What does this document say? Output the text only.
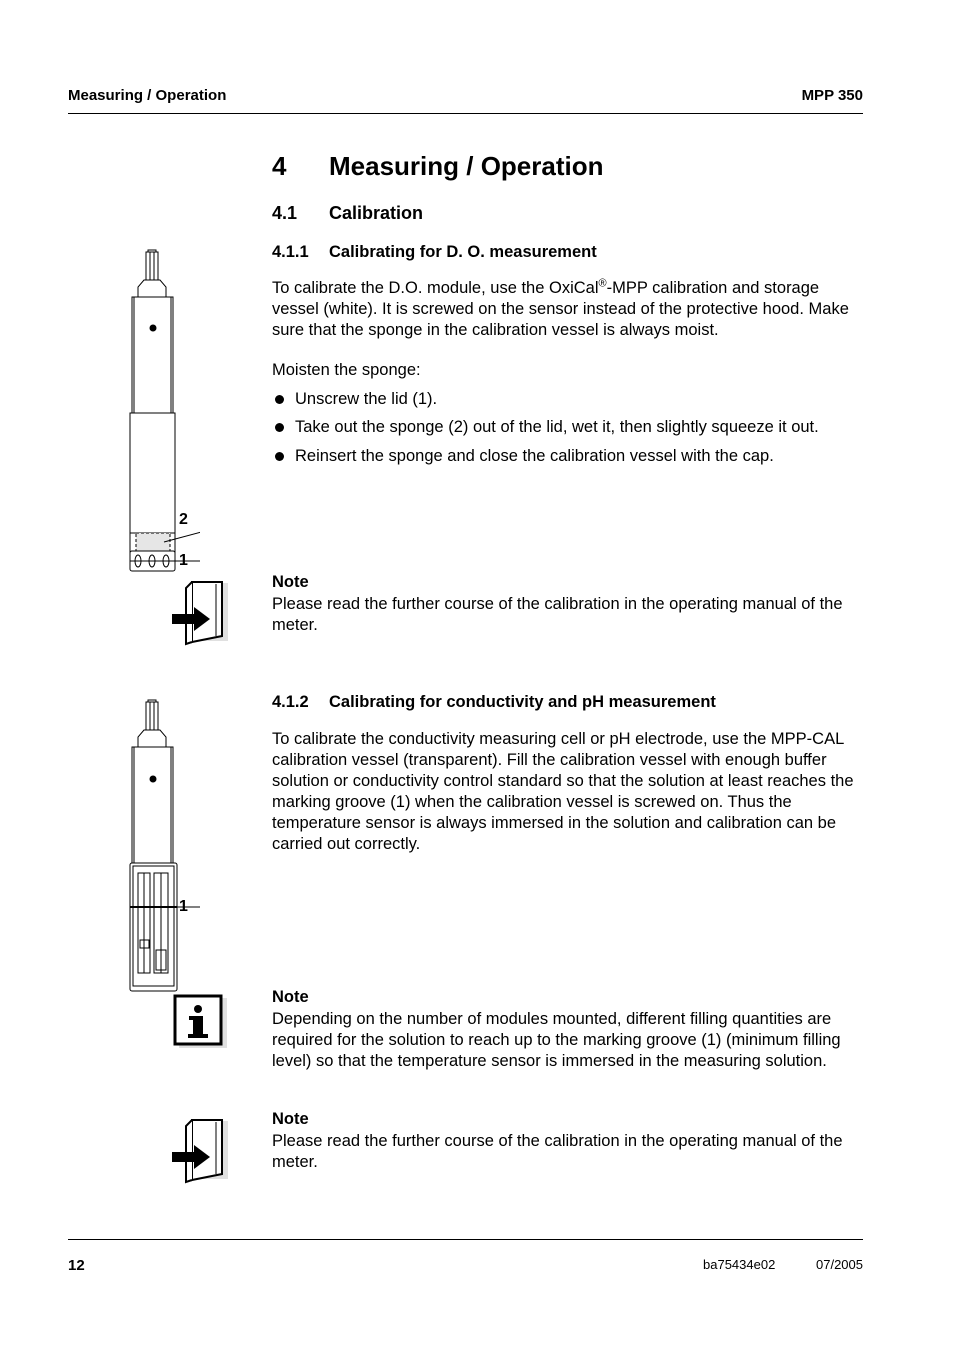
Measuring / Operation	MPP 350
4 Measuring / Operation
4.1 Calibration
4.1.1 Calibrating for D. O. measurement
To calibrate the D.O. module, use the OxiCal®-MPP calibration and storage vessel (white). It is screwed on the sensor instead of the protective hood. Make sure that the sponge in the calibration vessel is always moist.
Moisten the sponge:
Unscrew the lid (1).
Take out the sponge (2) out of the lid, wet it, then slightly squeeze it out.
Reinsert the sponge and close the calibration vessel with the cap.
2
1
Note
Please read the further course of the calibration in the operating manual of the meter.
4.1.2 Calibrating for conductivity and pH measurement
To calibrate the conductivity measuring cell or pH electrode, use the MPP-CAL calibration vessel (transparent). Fill the calibration vessel with enough buffer solution or conductivity control standard so that the solution at least reaches the marking groove (1) when the calibration vessel is screwed on. Thus the temperature sensor is always immersed in the solution and calibration can be carried out correctly.
1
Note
Depending on the number of modules mounted, different filling quantities are required for the solution to reach up to the marking groove (1) (minimum filling level) so that the temperature sensor is immersed in the measuring solution.
Note
Please read the further course of the calibration in the operating manual of the meter.
12	ba75434e02	07/2005
